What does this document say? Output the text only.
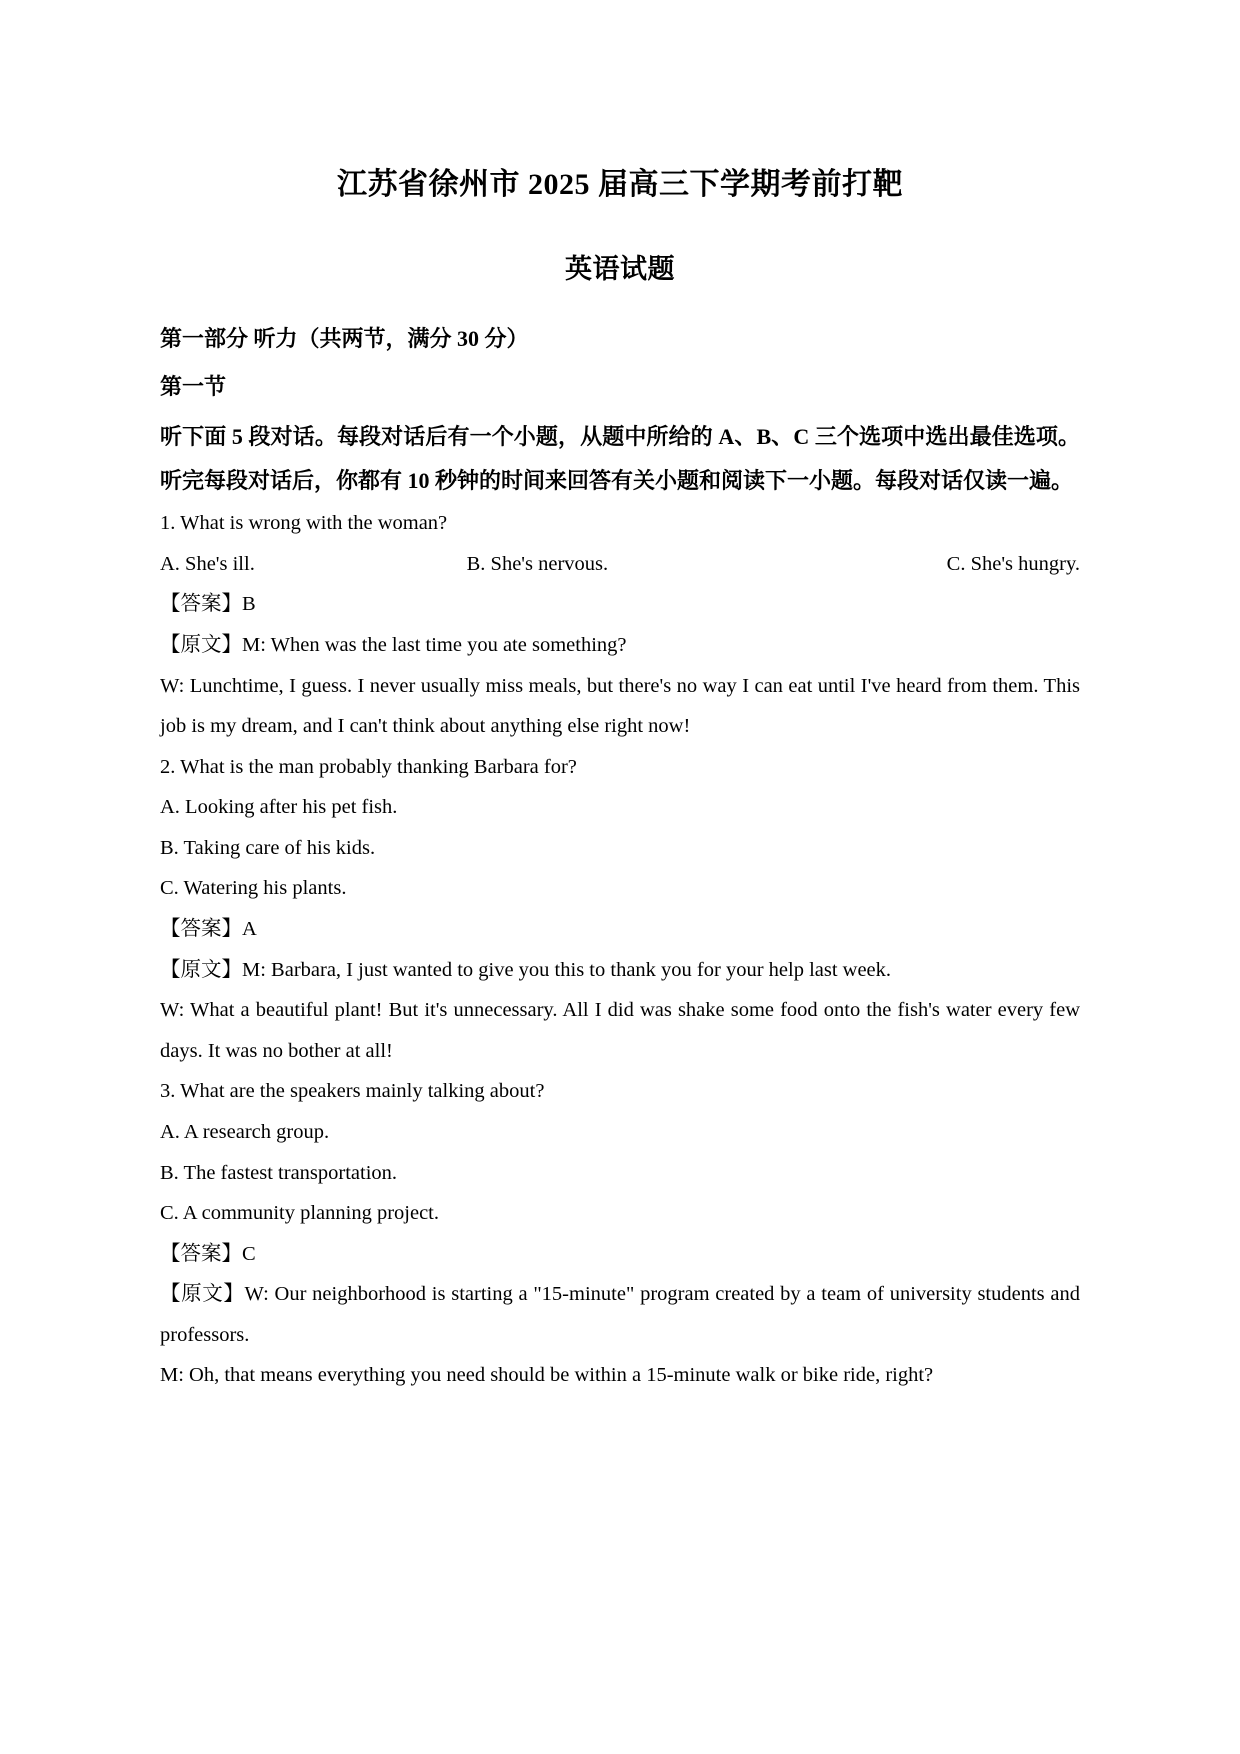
江苏省徐州市 2025 届高三下学期考前打靶
英语试题

第一部分 听力（共两节，满分 30 分）

第一节

听下面 5 段对话。每段对话后有一个小题，从题中所给的 A、B、C 三个选项中选出最佳选项。听完每段对话后，你都有 10 秒钟的时间来回答有关小题和阅读下一小题。每段对话仅读一遍。

1. What is wrong with the woman?

A. She's ill.	B. She's nervous.	C. She's hungry.

【答案】B

【原文】M: When was the last time you ate something?

W: Lunchtime, I guess. I never usually miss meals, but there's no way I can eat until I've heard from them. This job is my dream, and I can't think about anything else right now!

2. What is the man probably thanking Barbara for?

A. Looking after his pet fish.

B. Taking care of his kids.

C. Watering his plants.

【答案】A

【原文】M: Barbara, I just wanted to give you this to thank you for your help last week.

W: What a beautiful plant! But it's unnecessary. All I did was shake some food onto the fish's water every few days. It was no bother at all!

3. What are the speakers mainly talking about?

A. A research group.

B. The fastest transportation.

C. A community planning project.

【答案】C

【原文】W: Our neighborhood is starting a "15-minute" program created by a team of university students and professors.

M: Oh, that means everything you need should be within a 15-minute walk or bike ride, right?
